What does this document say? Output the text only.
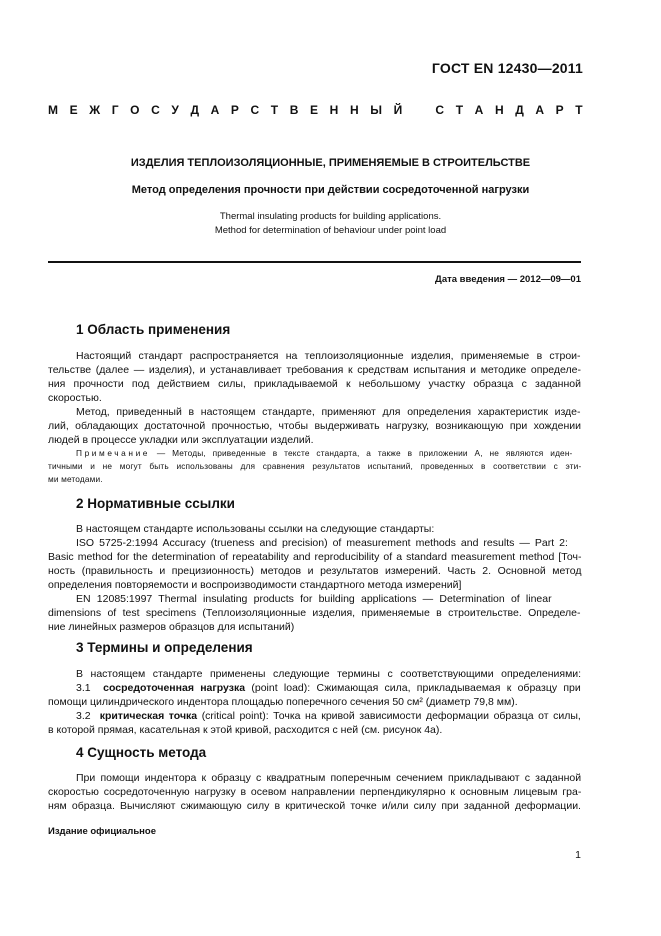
ГОСТ EN 12430—2011
М Е Ж Г О С У Д А Р С Т В Е Н Н Ы Й	С Т А Н Д А Р Т
ИЗДЕЛИЯ ТЕПЛОИЗОЛЯЦИОННЫЕ, ПРИМЕНЯЕМЫЕ В СТРОИТЕЛЬСТВЕ
Метод определения прочности при действии сосредоточенной нагрузки
Thermal insulating products for building applications.
Method for determination of behaviour under point load
Дата введения — 2012—09—01
1 Область применения
Настоящий стандарт распространяется на теплоизоляционные изделия, применяемые в строи-
тельстве (далее — изделия), и устанавливает требования к средствам испытания и методике определе-
ния прочности под действием силы, прикладываемой к небольшому участку образца с заданной
скоростью.
Метод, приведенный в настоящем стандарте, применяют для определения характеристик изде-
лий, обладающих достаточной прочностью, чтобы выдерживать нагрузку, возникающую при хождении
людей в процессе укладки или эксплуатации изделий.
Примечание — Методы, приведенные в тексте стандарта, а также в приложении А, не являются иден-
тичными и не могут быть использованы для сравнения результатов испытаний, проведенных в соответствии с эти-
ми методами.
2 Нормативные ссылки
В настоящем стандарте использованы ссылки на следующие стандарты:
ISO 5725-2:1994 Accuracy (trueness and precision) of measurement methods and results — Part 2:
Basic method for the determination of repeatability and reproducibility of a standard measurement method [Точ-
ность (правильность и прецизионность) методов и результатов измерений. Часть 2. Основной метод
определения повторяемости и воспроизводимости стандартного метода измерений]
EN 12085:1997 Thermal insulating products for building applications — Determination of linear
dimensions of test specimens (Теплоизоляционные изделия, применяемые в строительстве. Определе-
ние линейных размеров образцов для испытаний)
3 Термины и определения
В настоящем стандарте применены следующие термины с соответствующими определениями:
3.1 сосредоточенная нагрузка (point load): Сжимающая сила, прикладываемая к образцу при
помощи цилиндрического индентора площадью поперечного сечения 50 см² (диаметр 79,8 мм).
3.2 критическая точка (critical point): Точка на кривой зависимости деформации образца от силы,
в которой прямая, касательная к этой кривой, расходится с ней (см. рисунок 4а).
4 Сущность метода
При помощи индентора к образцу с квадратным поперечным сечением прикладывают с заданной
скоростью сосредоточенную нагрузку в осевом направлении перпендикулярно к основным лицевым гра-
ням образца. Вычисляют сжимающую силу в критической точке и/или силу при заданной деформации.
Издание официальное
1
